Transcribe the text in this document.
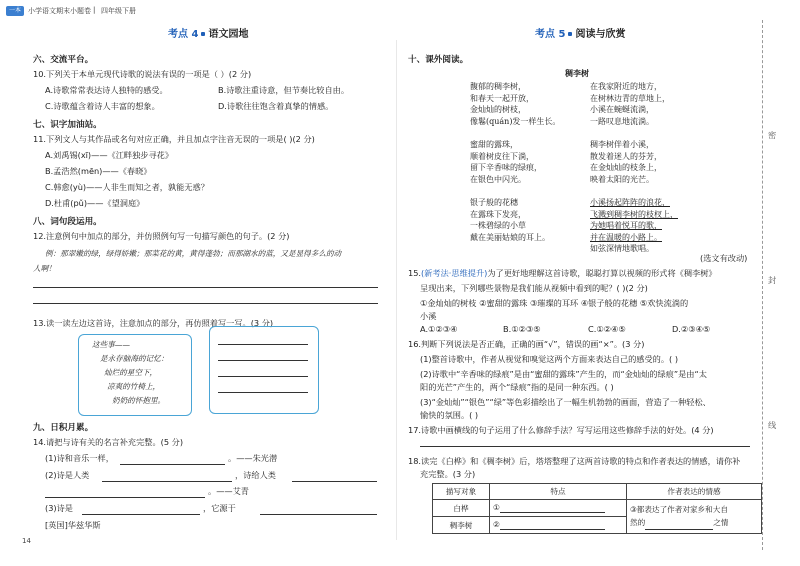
一本 小学语文期末小题卷 | 四年级下册
考点 4 语文园地
六、交流平台。
10.下列关于本单元现代诗歌的说法有误的一项是（ ）(2 分)
A.诗歌常常表达诗人独特的感受。	B.诗歌注重诗意，但节奏比较自由。
C.诗歌蕴含着诗人丰富的想象。	D.诗歌往往饱含着真挚的情感。
七、识字加油站。
11.下列文人与其作品或名句对应正确，并且加点字注音无误的一项是( )(2 分)
A.刘禹锡(xī)——《江畔独步寻花》
B.孟浩然(mēn)——《春晓》
C.韩愈(yù)——人非生而知之者，孰能无惑？
D.杜甫(pǔ)——《望洞庭》
八、词句段运用。
12.注意例句中加点的部分，并仿照例句写一句描写颜色的句子。(2 分)
例：那翠嫩的绿，绿得娇嫩；那菜花的黄，黄得蓬勃；而那湖水的蓝，又是显得多么的动
人啊！
13.读一读左边这首诗，注意加点的部分，再仿照着写一写。(3 分)
这些事——
是永存脑海的记忆：
灿烂的星空下，
凉爽的竹椅上，
奶奶的怀抱里。
九、日积月累。
14.请把与诗有关的名言补充完整。(5 分)
(1)诗和音乐一样，	。——朱光潜
(2)诗是人类	，诗给人类
。——艾青
(3)诗是	，它源于
[英国]华兹华斯
14
考点 5 阅读与欣赏
十、课外阅读。
稠李树
馥郁的稠李树，
和春天一起开放，
金灿灿的树枝，
像鬈(quán)发一样生长。

蜜甜的露珠，
顺着树皮往下淌，
留下辛香味的绿痕，
在银色中闪光。

银子般的花穗
在露珠下发亮，
一株碧绿的小草
戴在美丽姑娘的耳上。
在我家附近的地方，
在树林边青的草地上，
小溪在蜿蜒流淌，
一路叹息地流淌。

稠李树伴着小溪，
散发着迷人的芬芳，
在金灿灿的枝条上，
映着太阳的光芒。

小溪扬起阵阵的浪花，
飞溅到稠李树的枝杈上，
为她唱着悦耳的歌，
并在温暖的小路上。
如弦深情地歌唱。
(选文有改动)
15.(新考法·思维提升)为了更好地理解这首诗歌，聪聪打算以视频的形式将《稠李树》
呈现出来，下列哪些景物是我们能从视频中看到的呢？( )(2 分)
①金灿灿的树枝 ②蜜甜的露珠 ③璀璨的耳环 ④银子般的花穗 ⑤欢快流淌的
小溪
A.①②③④	B.①②③⑤	C.①②④⑤	D.②③④⑤
16.判断下列说法是否正确，正确的画“√”，错误的画“×”。(3 分)
(1)整首诗歌中，作者从视觉和嗅觉这两个方面来表达自己的感受的。( )
(2)诗歌中“辛香味的绿痕”是由“蜜甜的露珠”产生的，而“金灿灿的绿痕”是由“太
阳的光芒”产生的，两个“绿痕”指的是同一种东西。( )
(3)“金灿灿”“银色”“绿”等色彩描绘出了一幅生机勃勃的画面，营造了一种轻松、
愉快的氛围。( )
17.诗歌中画横线的句子运用了什么修辞手法？写写运用这些修辞手法的好处。(4 分)
18.读完《白桦》和《稠李树》后，塔塔整理了这两首诗歌的特点和作者表达的情感，请你补
充完整。(3 分)
描写对象	特点	作者表达的情感
白桦	①	③都表达了作者对家乡和大自
然的 之情

稠李树	②	
密
封
线
